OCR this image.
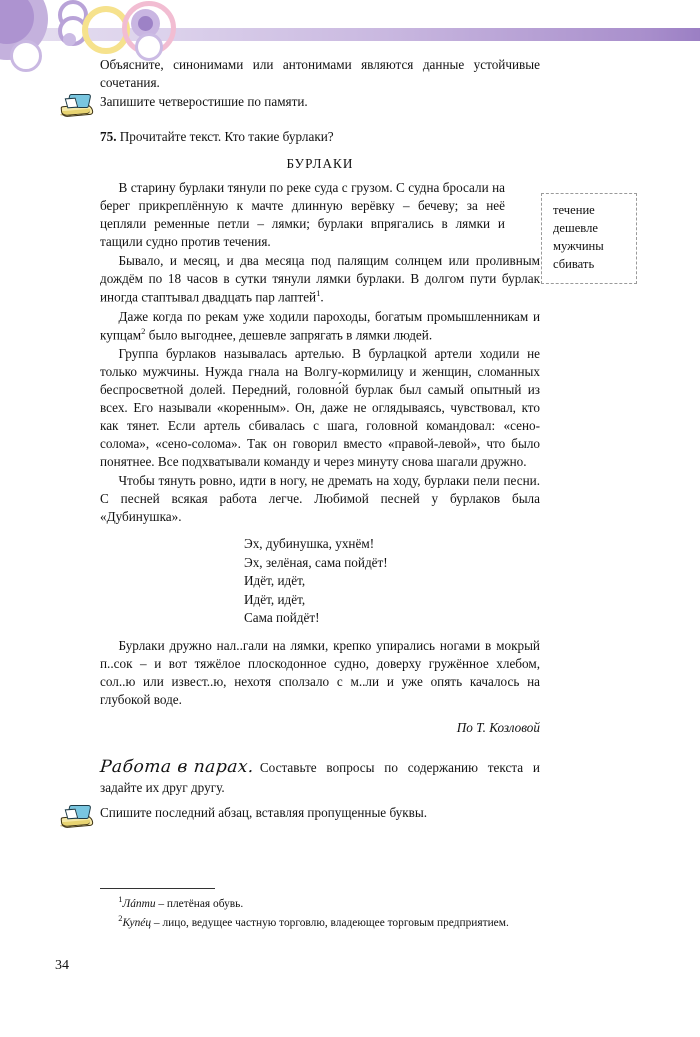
течение
дешевле
мужчины
сбивать

Объясните, синонимами или антонимами являются данные устойчивые сочетания.

Запишите четверостишие по памяти.
75. Прочитайте текст. Кто такие бурлаки?
БУРЛАКИ

В старину бурлаки тянули по реке суда с грузом. С судна бросали на берег прикреплённую к мачте длинную верёвку – бечеву; за неё цепляли ременные петли – лямки; бурлаки впрягались в лямки и тащили судно против течения.

Бывало, и месяц, и два месяца под палящим солнцем или проливным дождём по 18 часов в сутки тянули лямки бурлаки. В долгом пути бурлак иногда стаптывал двадцать пар лаптей$^1$.

Даже когда по рекам уже ходили пароходы, богатым промышленникам и купцам$^2$ было выгоднее, дешевле запрягать в лямки людей.

Группа бурлаков называлась артелью. В бурлацкой артели ходили не только мужчины. Нужда гнала на Волгу-кормилицу и женщин, сломанных беспросветной долей. Передний, головно́й бурлак был самый опытный из всех. Его называли «коренным». Он, даже не оглядываясь, чувствовал, кто как тянет. Если артель сбивалась с шага, головной командовал: «сено-солома», «сено-солома». Так он говорил вместо «правой-левой», что было понятнее. Все подхватывали команду и через минуту снова шагали дружно.

Чтобы тянуть ровно, идти в ногу, не дремать на ходу, бурлаки пели песни. С песней всякая работа легче. Любимой песней у бурлаков была «Дубинушка».

Эх, дубинушка, ухнём!
Эх, зелёная, сама пойдёт!
Идёт, идёт,
Идёт, идёт,
Сама пойдёт!

Бурлаки дружно нал..гали на лямки, крепко упирались ногами в мокрый п..сок – и вот тяжёлое плоскодонное судно, доверху гружённое хлебом, сол..ю или извест..ю, нехотя сползало с м..ли и уже опять качалось на глубокой воде.

По Т. Козловой
Работа в парах. Составьте вопросы по содержанию текста и задайте их друг другу.
Спишите последний абзац, вставляя пропущенные буквы.
$^1$Лáпти – плетёная обувь.
$^2$Купéц – лицо, ведущее частную торговлю, владеющее торговым предприятием.
34
